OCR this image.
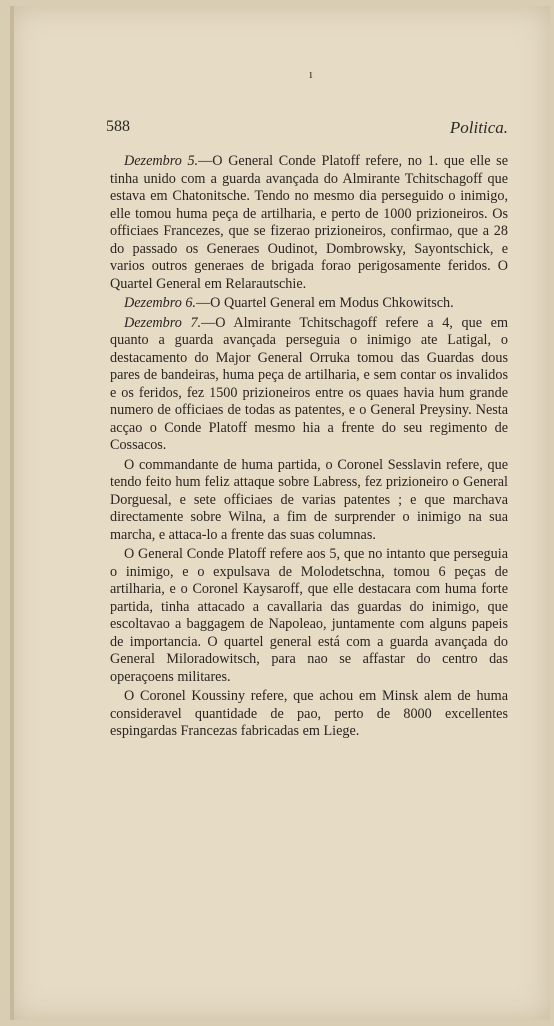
ı
588	Politica.

Dezembro 5.—O General Conde Platoff refere, no 1. que elle se tinha unido com a guarda avançada do Almirante Tchitschagoff que estava em Chatonitsche. Tendo no mesmo dia perseguido o inimigo, elle tomou huma peça de artilharia, e perto de 1000 prizioneiros. Os officiaes Francezes, que se fizerao prizioneiros, confirmao, que a 28 do passado os Generaes Oudinot, Dombrowsky, Sayontschick, e varios outros generaes de brigada forao perigosamente feridos. O Quartel General em Relarautschie.

Dezembro 6.—O Quartel General em Modus Chkowitsch.

Dezembro 7.—O Almirante Tchitschagoff refere a 4, que em quanto a guarda avançada perseguia o inimigo ate Latigal, o destacamento do Major General Orruka tomou das Guardas dous pares de bandeiras, huma peça de artilharia, e sem contar os invalidos e os feridos, fez 1500 prizioneiros entre os quaes havia hum grande numero de officiaes de todas as patentes, e o General Preysiny. Nesta acçao o Conde Platoff mesmo hia a frente do seu regimento de Cossacos.

O commandante de huma partida, o Coronel Sesslavin refere, que tendo feito hum feliz attaque sobre Labress, fez prizioneiro o General Dorguesal, e sete officiaes de varias patentes ; e que marchava directamente sobre Wilna, a fim de surprender o inimigo na sua marcha, e attaca-lo a frente das suas columnas.

O General Conde Platoff refere aos 5, que no intanto que perseguia o inimigo, e o expulsava de Molodetschna, tomou 6 peças de artilharia, e o Coronel Kaysaroff, que elle destacara com huma forte partida, tinha attacado a cavallaria das guardas do inimigo, que escoltavao a baggagem de Napoleao, juntamente com alguns papeis de importancia. O quartel general está com a guarda avançada do General Miloradowitsch, para nao se affastar do centro das operaçoens militares.

O Coronel Koussiny refere, que achou em Minsk alem de huma consideravel quantidade de pao, perto de 8000 excellentes espingardas Francezas fabricadas em Liege.
